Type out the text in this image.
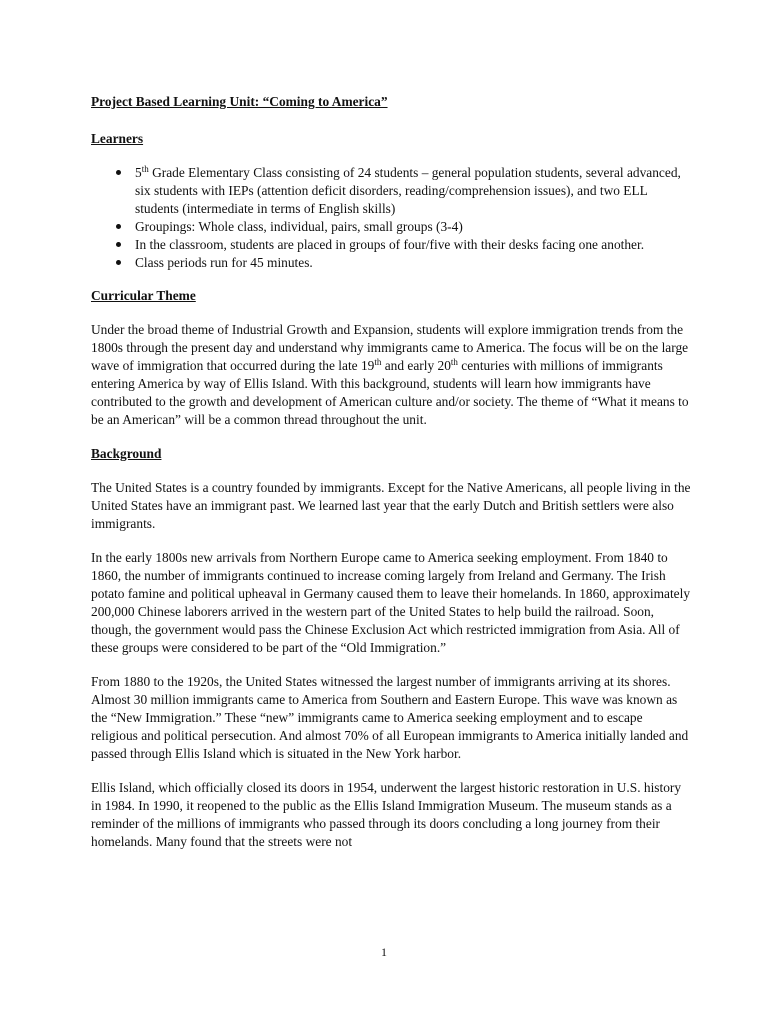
Project Based Learning Unit: “Coming to America”

Learners

5th Grade Elementary Class consisting of 24 students – general population students, several advanced, six students with IEPs (attention deficit disorders, reading/comprehension issues), and two ELL students (intermediate in terms of English skills)
Groupings: Whole class, individual, pairs, small groups (3-4)
In the classroom, students are placed in groups of four/five with their desks facing one another.
Class periods run for 45 minutes.

Curricular Theme

Under the broad theme of Industrial Growth and Expansion, students will explore immigration trends from the 1800s through the present day and understand why immigrants came to America. The focus will be on the large wave of immigration that occurred during the late 19th and early 20th centuries with millions of immigrants entering America by way of Ellis Island. With this background, students will learn how immigrants have contributed to the growth and development of American culture and/or society. The theme of “What it means to be an American” will be a common thread throughout the unit.

Background

The United States is a country founded by immigrants. Except for the Native Americans, all people living in the United States have an immigrant past. We learned last year that the early Dutch and British settlers were also immigrants.

In the early 1800s new arrivals from Northern Europe came to America seeking employment. From 1840 to 1860, the number of immigrants continued to increase coming largely from Ireland and Germany. The Irish potato famine and political upheaval in Germany caused them to leave their homelands. In 1860, approximately 200,000 Chinese laborers arrived in the western part of the United States to help build the railroad. Soon, though, the government would pass the Chinese Exclusion Act which restricted immigration from Asia. All of these groups were considered to be part of the “Old Immigration.”

From 1880 to the 1920s, the United States witnessed the largest number of immigrants arriving at its shores. Almost 30 million immigrants came to America from Southern and Eastern Europe. This wave was known as the “New Immigration.” These “new” immigrants came to America seeking employment and to escape religious and political persecution. And almost 70% of all European immigrants to America initially landed and passed through Ellis Island which is situated in the New York harbor.

Ellis Island, which officially closed its doors in 1954, underwent the largest historic restoration in U.S. history in 1984. In 1990, it reopened to the public as the Ellis Island Immigration Museum. The museum stands as a reminder of the millions of immigrants who passed through its doors concluding a long journey from their homelands. Many found that the streets were not

1
